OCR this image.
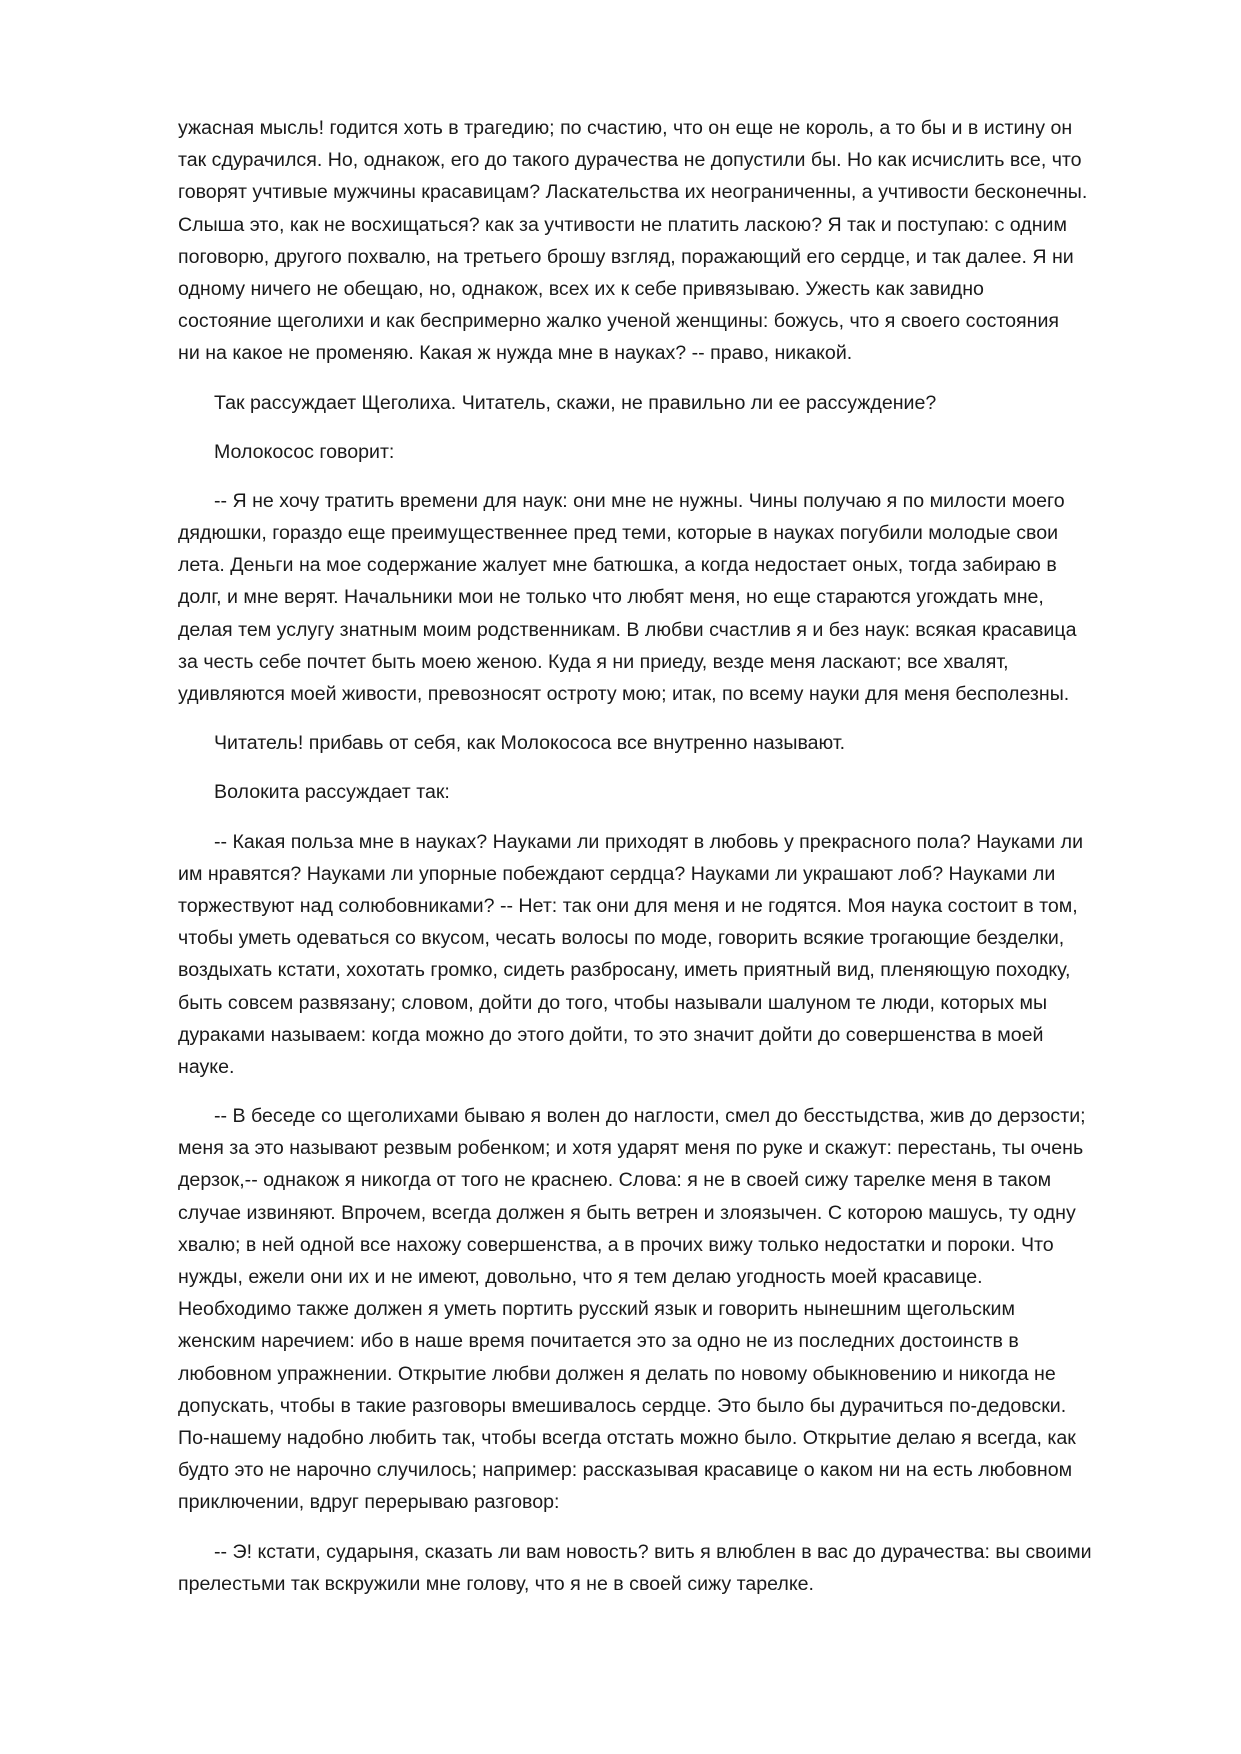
ужасная мысль! годится хоть в трагедию; по счастию, что он еще не король, а то бы и в истину он
так сдурачился. Но, однакож, его до такого дурачества не допустили бы. Но как исчислить все, что
говорят учтивые мужчины красавицам? Ласкательства их неограниченны, а учтивости бесконечны.
Слыша это, как не восхищаться? как за учтивости не платить ласкою? Я так и поступаю: с одним
поговорю, другого похвалю, на третьего брошу взгляд, поражающий его сердце, и так далее. Я ни
одному ничего не обещаю, но, однакож, всех их к себе привязываю. Ужесть как завидно
состояние щеголихи и как беспримерно жалко ученой женщины: божусь, что я своего состояния
ни на какое не променяю. Какая ж нужда мне в науках? -- право, никакой.
Так рассуждает Щеголиха. Читатель, скажи, не правильно ли ее рассуждение?
Молокосос говорит:
-- Я не хочу тратить времени для наук: они мне не нужны. Чины получаю я по милости моего
дядюшки, гораздо еще преимущественнее пред теми, которые в науках погубили молодые свои
лета. Деньги на мое содержание жалует мне батюшка, а когда недостает оных, тогда забираю в
долг, и мне верят. Начальники мои не только что любят меня, но еще стараются угождать мне,
делая тем услугу знатным моим родственникам. В любви счастлив я и без наук: всякая красавица
за честь себе почтет быть моею женою. Куда я ни приеду, везде меня ласкают; все хвалят,
удивляются моей живости, превозносят остроту мою; итак, по всему науки для меня бесполезны.
Читатель! прибавь от себя, как Молокососа все внутренно называют.
Волокита рассуждает так:
-- Какая польза мне в науках? Науками ли приходят в любовь у прекрасного пола? Науками ли
им нравятся? Науками ли упорные побеждают сердца? Науками ли украшают лоб? Науками ли
торжествуют над солюбовниками? -- Нет: так они для меня и не годятся. Моя наука состоит в том,
чтобы уметь одеваться со вкусом, чесать волосы по моде, говорить всякие трогающие безделки,
воздыхать кстати, хохотать громко, сидеть разбросану, иметь приятный вид, пленяющую походку,
быть совсем развязану; словом, дойти до того, чтобы называли шалуном те люди, которых мы
дураками называем: когда можно до этого дойти, то это значит дойти до совершенства в моей
науке.
-- В беседе со щеголихами бываю я волен до наглости, смел до бесстыдства, жив до дерзости;
меня за это называют резвым робенком; и хотя ударят меня по руке и скажут: перестань, ты очень
дерзок,-- однакож я никогда от того не краснею. Слова: я не в своей сижу тарелке меня в таком
случае извиняют. Впрочем, всегда должен я быть ветрен и злоязычен. С которою машусь, ту одну
хвалю; в ней одной все нахожу совершенства, а в прочих вижу только недостатки и пороки. Что
нужды, ежели они их и не имеют, довольно, что я тем делаю угодность моей красавице.
Необходимо также должен я уметь портить русский язык и говорить нынешним щегольским
женским наречием: ибо в наше время почитается это за одно не из последних достоинств в
любовном упражнении. Открытие любви должен я делать по новому обыкновению и никогда не
допускать, чтобы в такие разговоры вмешивалось сердце. Это было бы дурачиться по-дедовски.
По-нашему надобно любить так, чтобы всегда отстать можно было. Открытие делаю я всегда, как
будто это не нарочно случилось; например: рассказывая красавице о каком ни на есть любовном
приключении, вдруг перерываю разговор:
-- Э! кстати, сударыня, сказать ли вам новость? вить я влюблен в вас до дурачества: вы своими
прелестьми так вскружили мне голову, что я не в своей сижу тарелке.
